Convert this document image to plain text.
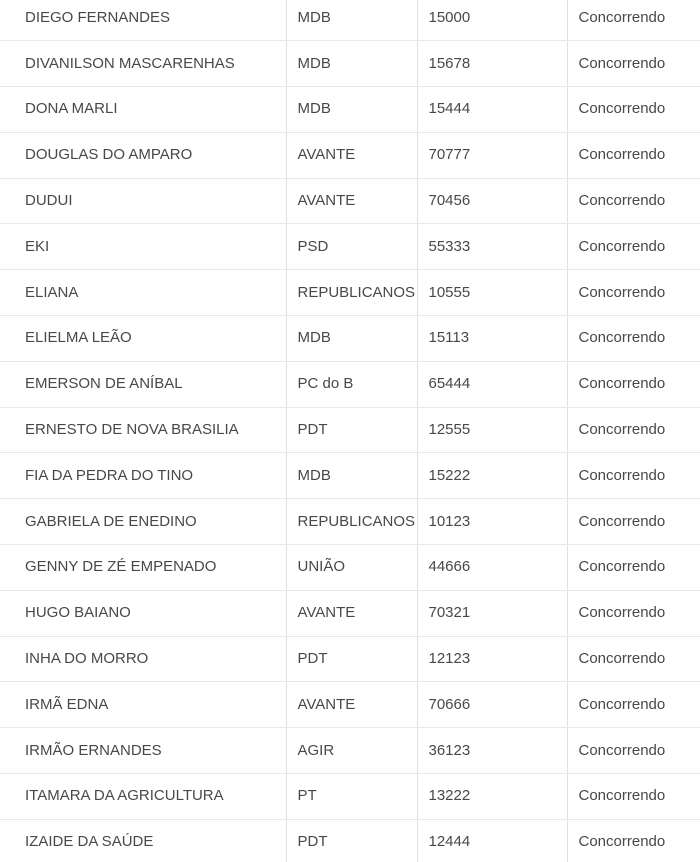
DIEGO FERNANDES	MDB	15000	Concorrendo
DIVANILSON MASCARENHAS	MDB	15678	Concorrendo
DONA MARLI	MDB	15444	Concorrendo
DOUGLAS DO AMPARO	AVANTE	70777	Concorrendo
DUDUI	AVANTE	70456	Concorrendo
EKI	PSD	55333	Concorrendo
ELIANA	REPUBLICANOS	10555	Concorrendo
ELIELMA LEÃO	MDB	15113	Concorrendo
EMERSON DE ANÍBAL	PC do B	65444	Concorrendo
ERNESTO DE NOVA BRASILIA	PDT	12555	Concorrendo
FIA DA PEDRA DO TINO	MDB	15222	Concorrendo
GABRIELA DE ENEDINO	REPUBLICANOS	10123	Concorrendo
GENNY DE ZÉ EMPENADO	UNIÃO	44666	Concorrendo
HUGO BAIANO	AVANTE	70321	Concorrendo
INHA DO MORRO	PDT	12123	Concorrendo
IRMÃ EDNA	AVANTE	70666	Concorrendo
IRMÃO ERNANDES	AGIR	36123	Concorrendo
ITAMARA DA AGRICULTURA	PT	13222	Concorrendo
IZAIDE DA SAÚDE	PDT	12444	Concorrendo
